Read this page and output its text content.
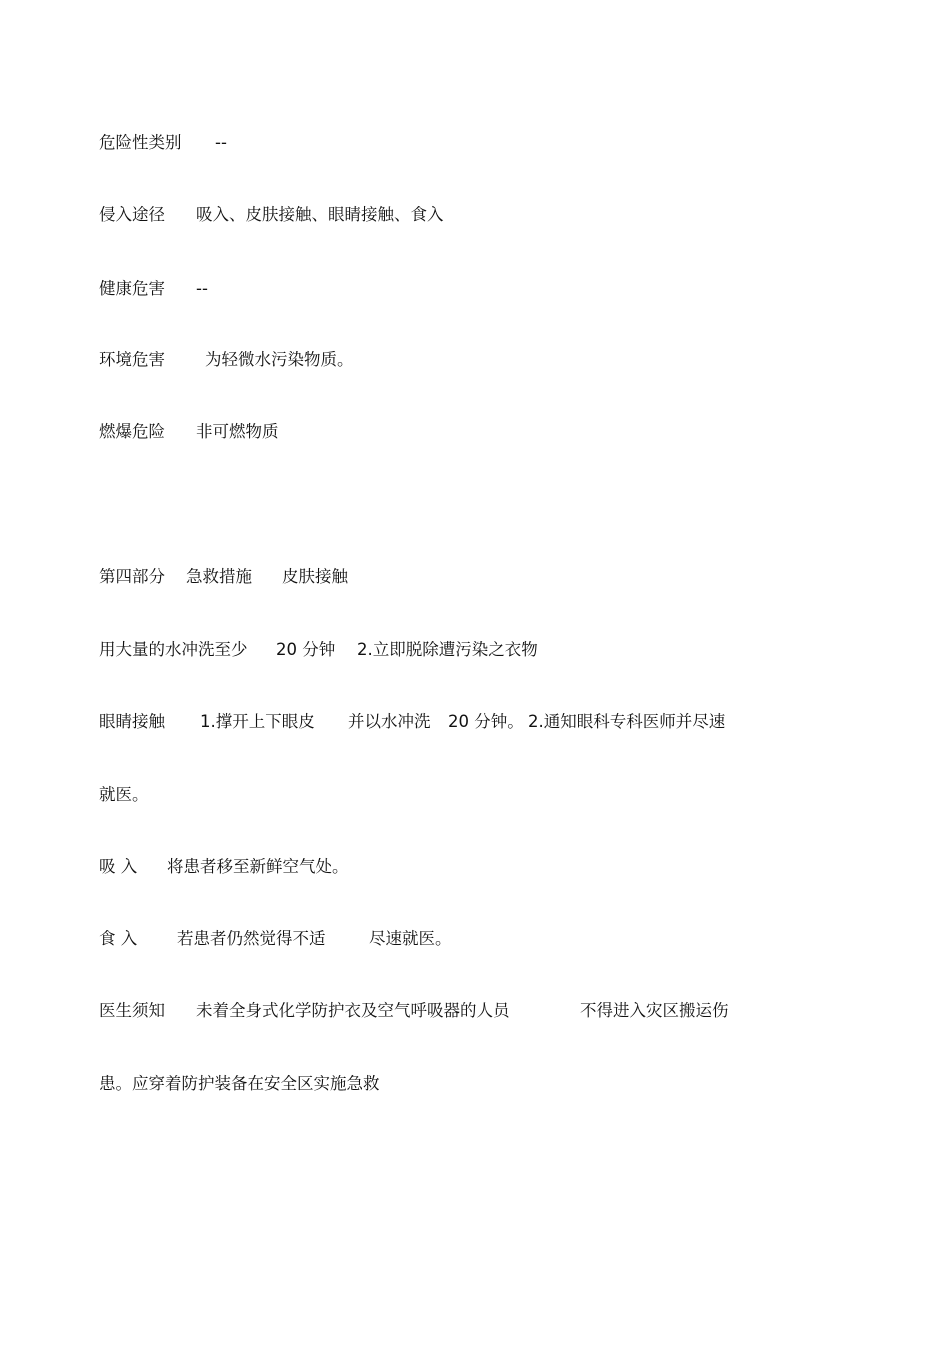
危险性类别 --
侵入途径 吸入、皮肤接触、眼睛接触、食入
健康危害 --
环境危害 为轻微水污染物质。
燃爆危险 非可燃物质
第四部分 急救措施 皮肤接触
用大量的水冲洗至少 20 分钟 2.立即脱除遭污染之衣物
眼睛接触 1.撑开上下眼皮 并以水冲洗 20 分钟。 2.通知眼科专科医师并尽速
就医。
吸 入 将患者移至新鲜空气处。
食 入 若患者仍然觉得不适	尽速就医。
医生须知 未着全身式化学防护衣及空气呼吸器的人员	不得进入灾区搬运伤
患。应穿着防护装备在安全区实施急救
